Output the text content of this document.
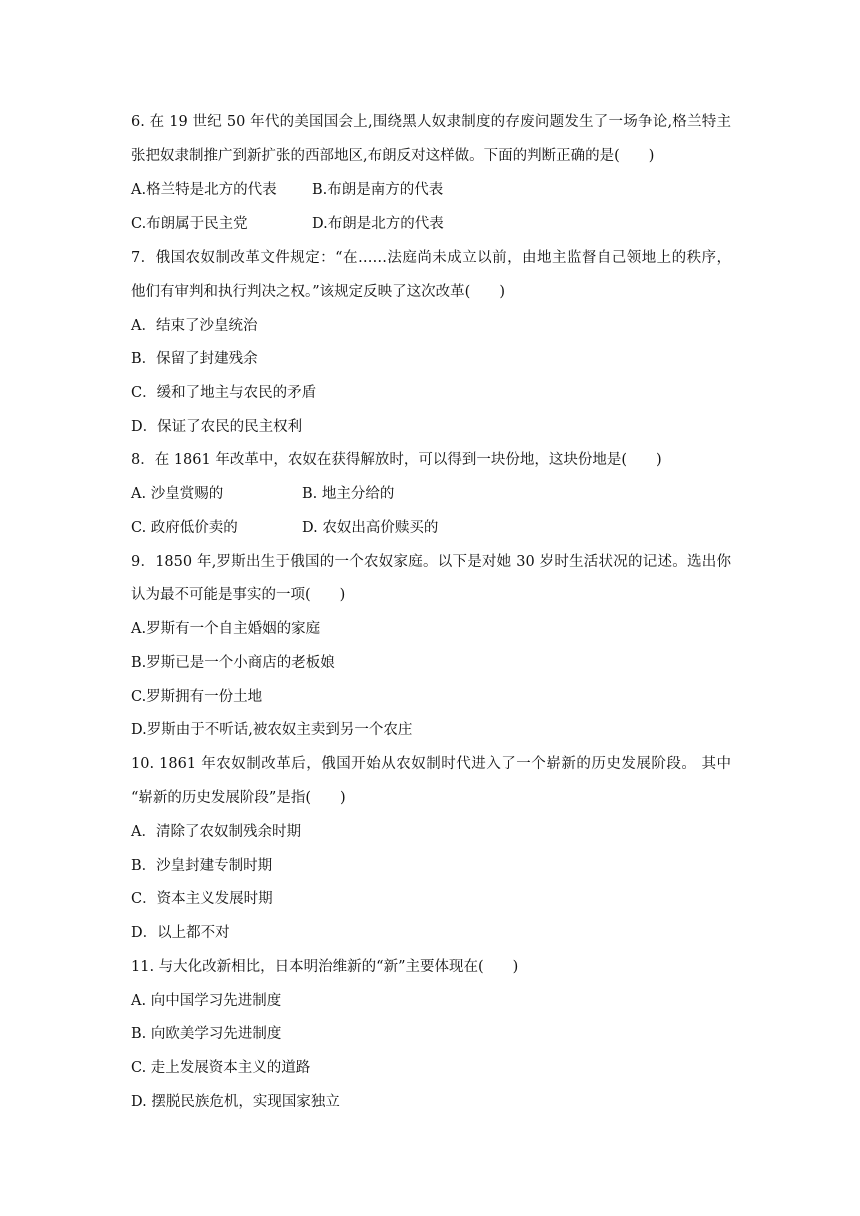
6. 在 19 世纪 50 年代的美国国会上,围绕黑人奴隶制度的存废问题发生了一场争论,格兰特主
张把奴隶制推广到新扩张的西部地区,布朗反对这样做。下面的判断正确的是(　　)
A.格兰特是北方的代表	B.布朗是南方的代表
C.布朗属于民主党	D.布朗是北方的代表
7．俄国农奴制改革文件规定：“在……法庭尚未成立以前，由地主监督自己领地上的秩序，
他们有审判和执行判决之权。”该规定反映了这次改革(　　)
A．结束了沙皇统治
B．保留了封建残余
C．缓和了地主与农民的矛盾
D．保证了农民的民主权利
8．在 1861 年改革中，农奴在获得解放时，可以得到一块份地，这块份地是(　　)
A. 沙皇赏赐的	B. 地主分给的
C. 政府低价卖的	D. 农奴出高价赎买的
9．1850 年,罗斯出生于俄国的一个农奴家庭。以下是对她 30 岁时生活状况的记述。选出你
认为最不可能是事实的一项(　　)
A.罗斯有一个自主婚姻的家庭
B.罗斯已是一个小商店的老板娘
C.罗斯拥有一份土地
D.罗斯由于不听话,被农奴主卖到另一个农庄
10. 1861 年农奴制改革后，俄国开始从农奴制时代进入了一个崭新的历史发展阶段。 其中
“崭新的历史发展阶段”是指(　　)
A．清除了农奴制残余时期
B．沙皇封建专制时期
C．资本主义发展时期
D．以上都不对
11. 与大化改新相比，日本明治维新的“新”主要体现在(　　)
A. 向中国学习先进制度
B. 向欧美学习先进制度
C. 走上发展资本主义的道路
D. 摆脱民族危机，实现国家独立
